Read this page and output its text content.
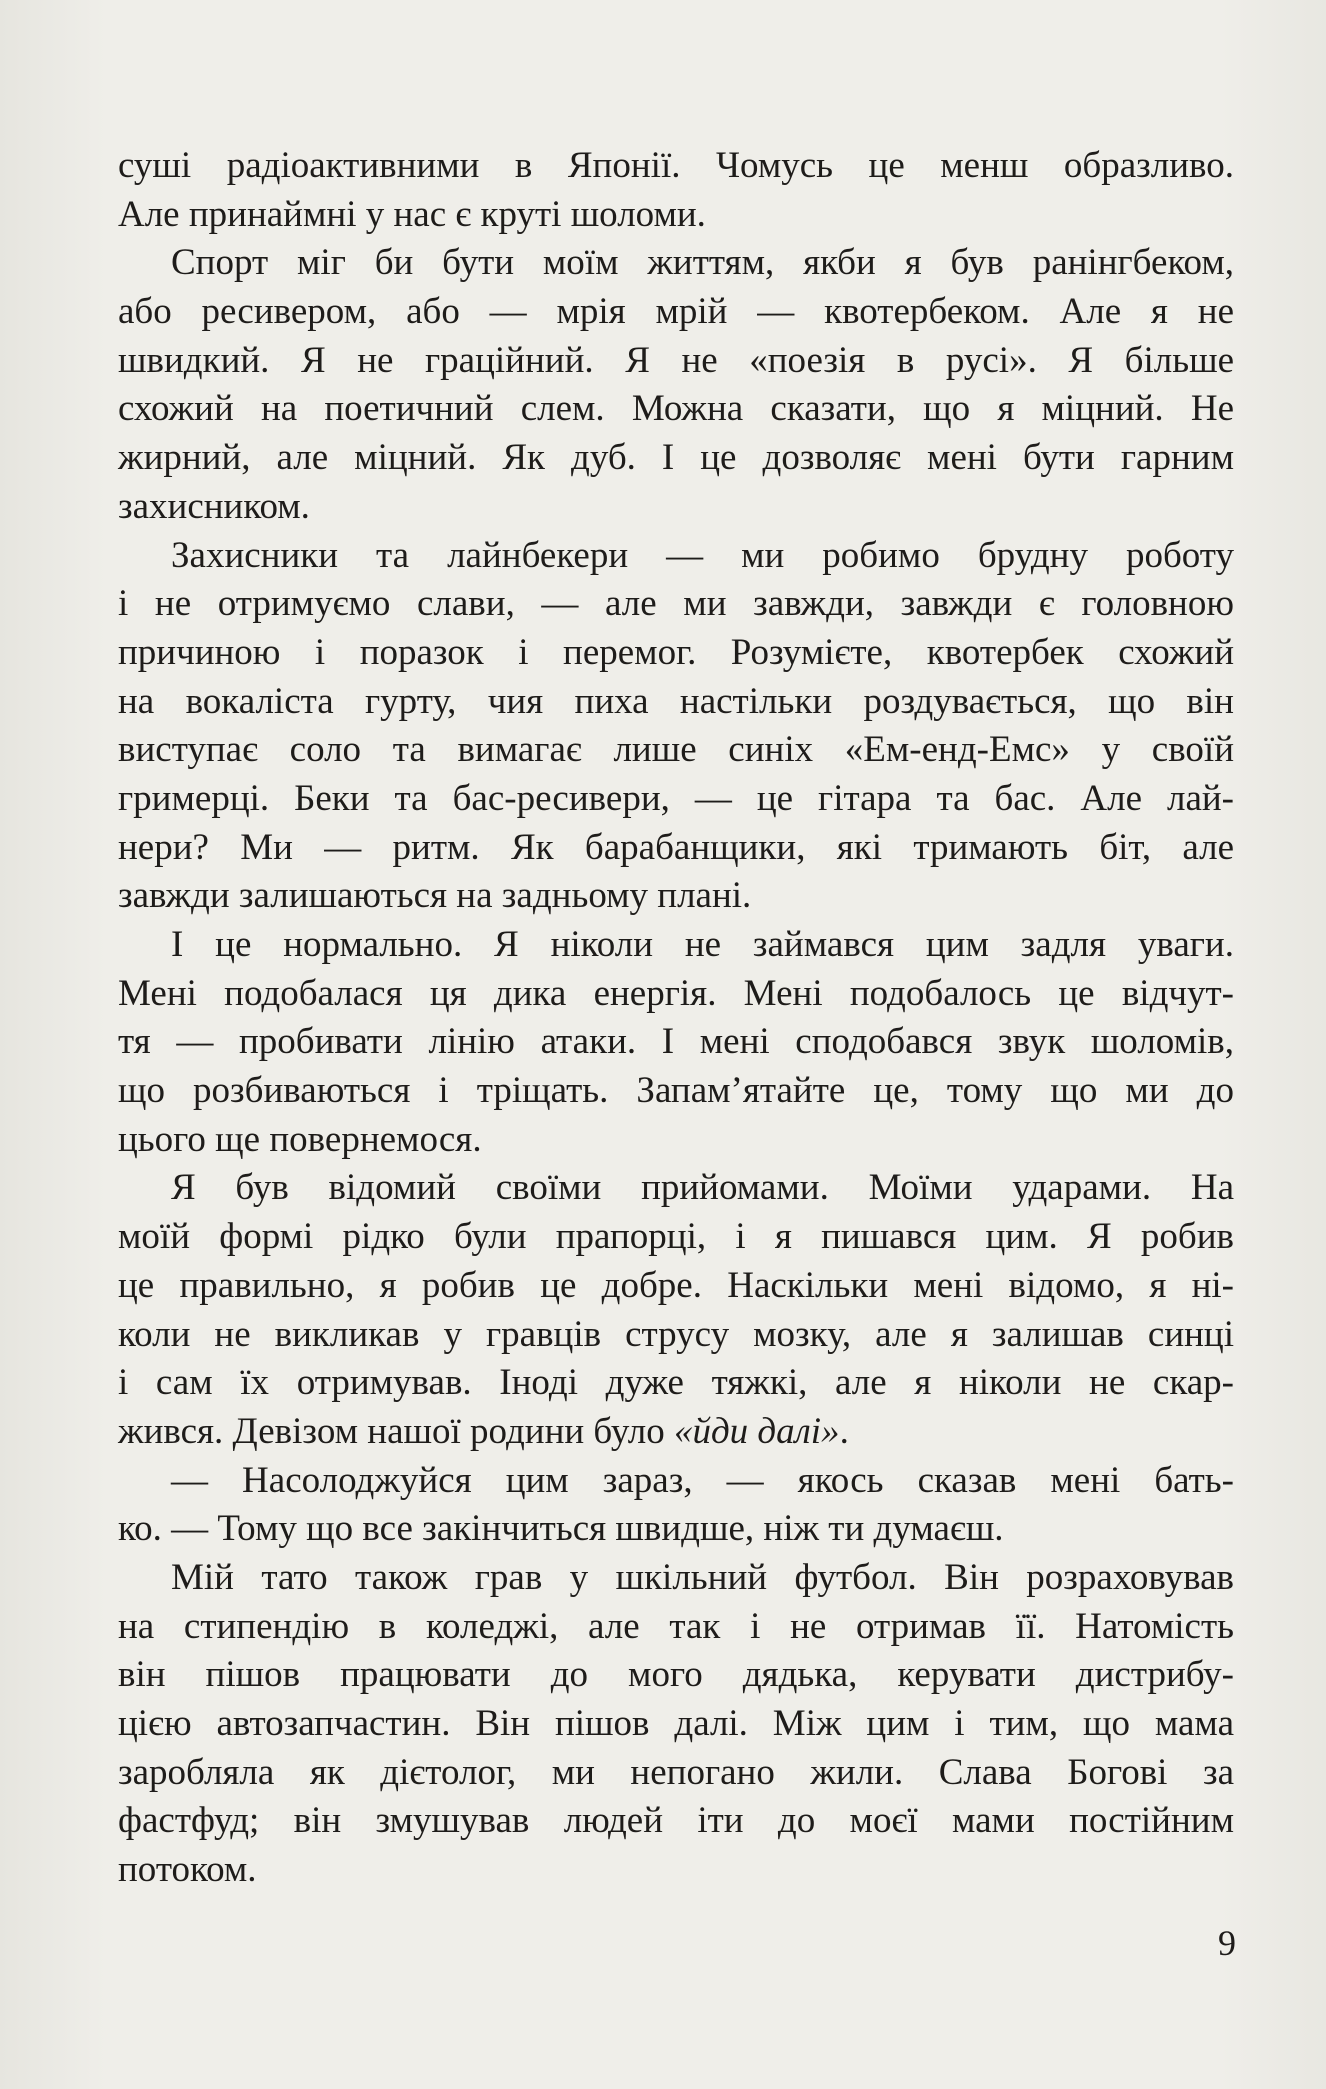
суші радіоактивними в Японії. Чомусь це менш образливо.
Але принаймні у нас є круті шоломи.
Спорт міг би бути моїм життям, якби я був ранінгбеком,
або ресивером, або — мрія мрій — квотербеком. Але я не
швидкий. Я не граційний. Я не «поезія в русі». Я більше
схожий на поетичний слем. Можна сказати, що я міцний. Не
жирний, але міцний. Як дуб. І це дозволяє мені бути гарним
захисником.
Захисники та лайнбекери — ми робимо брудну роботу
і не отримуємо слави, — але ми завжди, завжди є головною
причиною і поразок і перемог. Розумієте, квотербек схожий
на вокаліста гурту, чия пиха настільки роздувається, що він
виступає соло та вимагає лише синіх «Ем-енд-Емс» у своїй
гримерці. Беки та бас-ресивери, — це гітара та бас. Але лай-
нери? Ми — ритм. Як барабанщики, які тримають біт, але
завжди залишаються на задньому плані.
І це нормально. Я ніколи не займався цим задля уваги.
Мені подобалася ця дика енергія. Мені подобалось це відчут-
тя — пробивати лінію атаки. І мені сподобався звук шоломів,
що розбиваються і тріщать. Запам’ятайте це, тому що ми до
цього ще повернемося.
Я був відомий своїми прийомами. Моїми ударами. На
моїй формі рідко були прапорці, і я пишався цим. Я робив
це правильно, я робив це добре. Наскільки мені відомо, я ні-
коли не викликав у гравців струсу мозку, але я залишав синці
і сам їх отримував. Іноді дуже тяжкі, але я ніколи не скар-
жився. Девізом нашої родини було «йди далі».
— Насолоджуйся цим зараз, — якось сказав мені бать-
ко. — Тому що все закінчиться швидше, ніж ти думаєш.
Мій тато також грав у шкільний футбол. Він розраховував
на стипендію в коледжі, але так і не отримав її. Натомість
він пішов працювати до мого дядька, керувати дистрибу-
цією автозапчастин. Він пішов далі. Між цим і тим, що мама
заробляла як дієтолог, ми непогано жили. Слава Богові за
фастфуд; він змушував людей іти до моєї мами постійним
потоком.
9
